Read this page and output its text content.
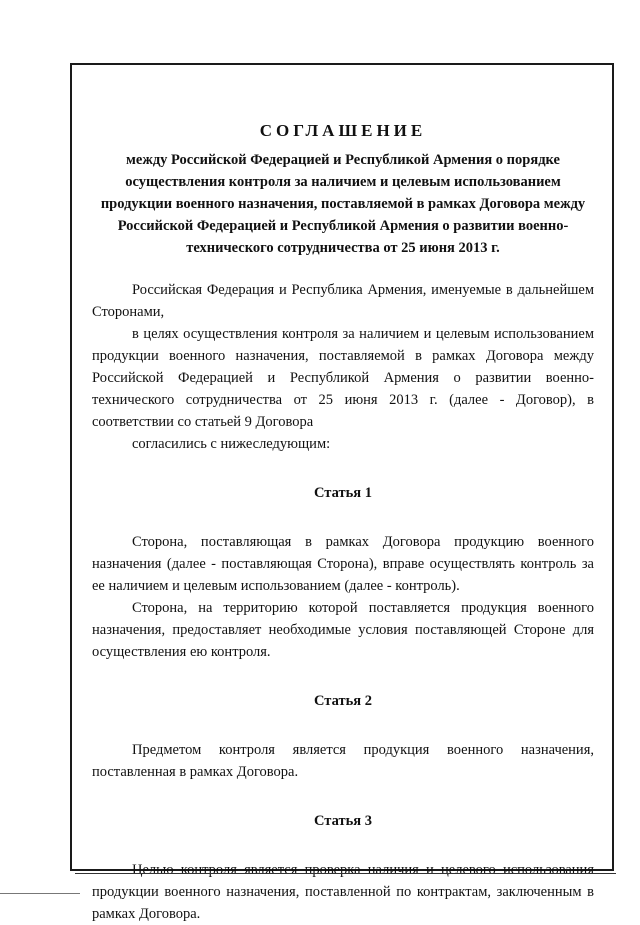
СОГЛАШЕНИЕ

между Российской Федерацией и Республикой Армения о порядке осуществления контроля за наличием и целевым использованием продукции военного назначения, поставляемой в рамках Договора между Российской Федерацией и Республикой Армения о развитии военно-технического сотрудничества от 25 июня 2013 г.

Российская Федерация и Республика Армения, именуемые в дальнейшем Сторонами,

в целях осуществления контроля за наличием и целевым использованием продукции военного назначения, поставляемой в рамках Договора между Российской Федерацией и Республикой Армения о развитии военно-технического сотрудничества от 25 июня 2013 г. (далее - Договор), в соответствии со статьей 9 Договора

согласились с нижеследующим:

Статья 1

Сторона, поставляющая в рамках Договора продукцию военного назначения (далее - поставляющая Сторона), вправе осуществлять контроль за ее наличием и целевым использованием (далее - контроль).

Сторона, на территорию которой поставляется продукция военного назначения, предоставляет необходимые условия поставляющей Стороне для осуществления ею контроля.

Статья 2

Предметом контроля является продукция военного назначения, поставленная в рамках Договора.

Статья 3

Целью контроля является проверка наличия и целевого использования продукции военного назначения, поставленной по контрактам, заключенным в рамках Договора.
